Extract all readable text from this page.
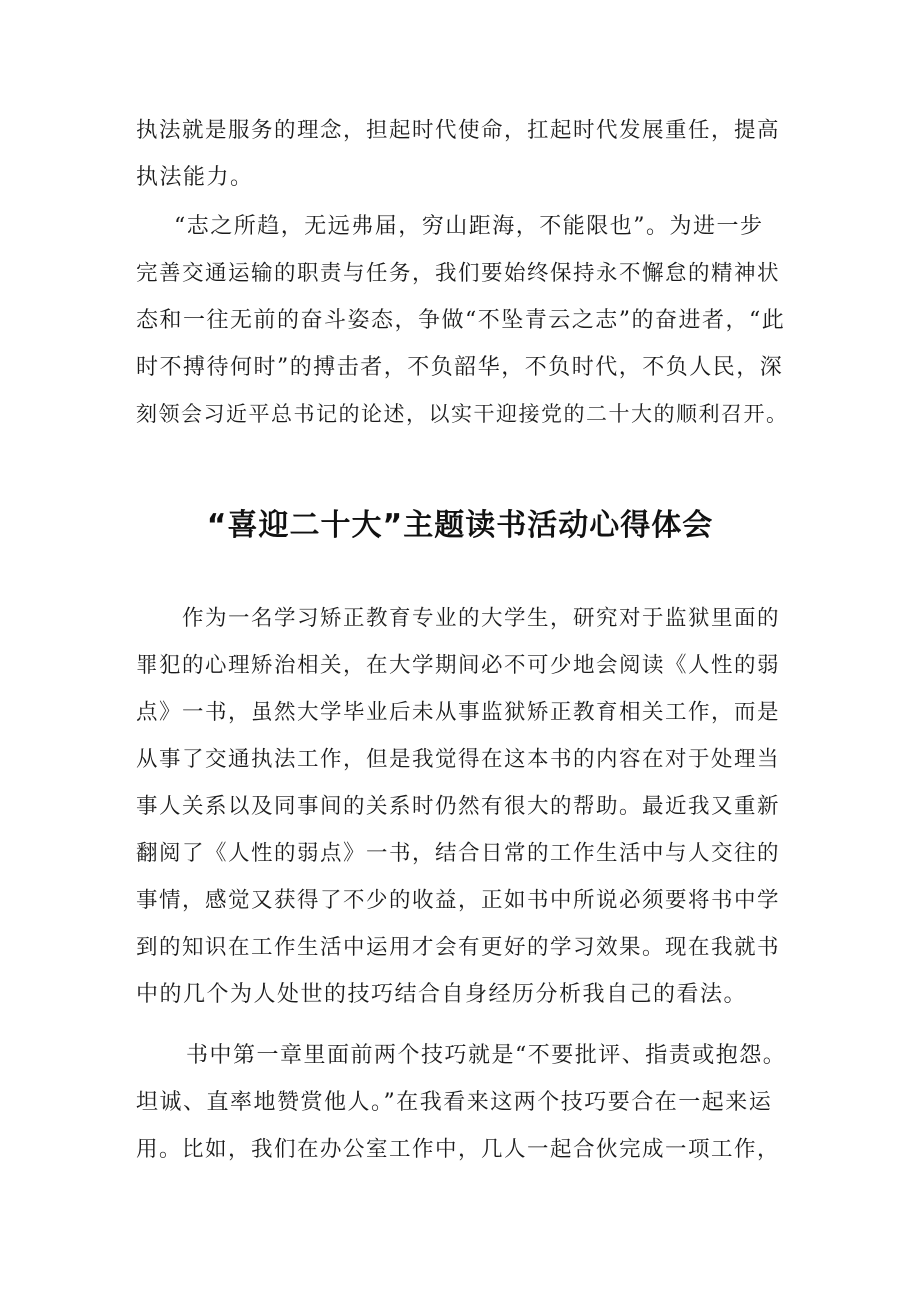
执法就是服务的理念，担起时代使命，扛起时代发展重任，提高
执法能力。
“志之所趋，无远弗届，穷山距海，不能限也”。为进一步
完善交通运输的职责与任务，我们要始终保持永不懈怠的精神状
态和一往无前的奋斗姿态，争做“不坠青云之志”的奋进者，“此
时不搏待何时”的搏击者，不负韶华，不负时代，不负人民，深
刻领会习近平总书记的论述，以实干迎接党的二十大的顺利召开。
“喜迎二十大”主题读书活动心得体会
作为一名学习矫正教育专业的大学生，研究对于监狱里面的
罪犯的心理矫治相关，在大学期间必不可少地会阅读《人性的弱
点》一书，虽然大学毕业后未从事监狱矫正教育相关工作，而是
从事了交通执法工作，但是我觉得在这本书的内容在对于处理当
事人关系以及同事间的关系时仍然有很大的帮助。最近我又重新
翻阅了《人性的弱点》一书，结合日常的工作生活中与人交往的
事情，感觉又获得了不少的收益，正如书中所说必须要将书中学
到的知识在工作生活中运用才会有更好的学习效果。现在我就书
中的几个为人处世的技巧结合自身经历分析我自己的看法。
书中第一章里面前两个技巧就是“不要批评、指责或抱怨。
坦诚、直率地赞赏他人。”在我看来这两个技巧要合在一起来运
用。比如，我们在办公室工作中，几人一起合伙完成一项工作，
